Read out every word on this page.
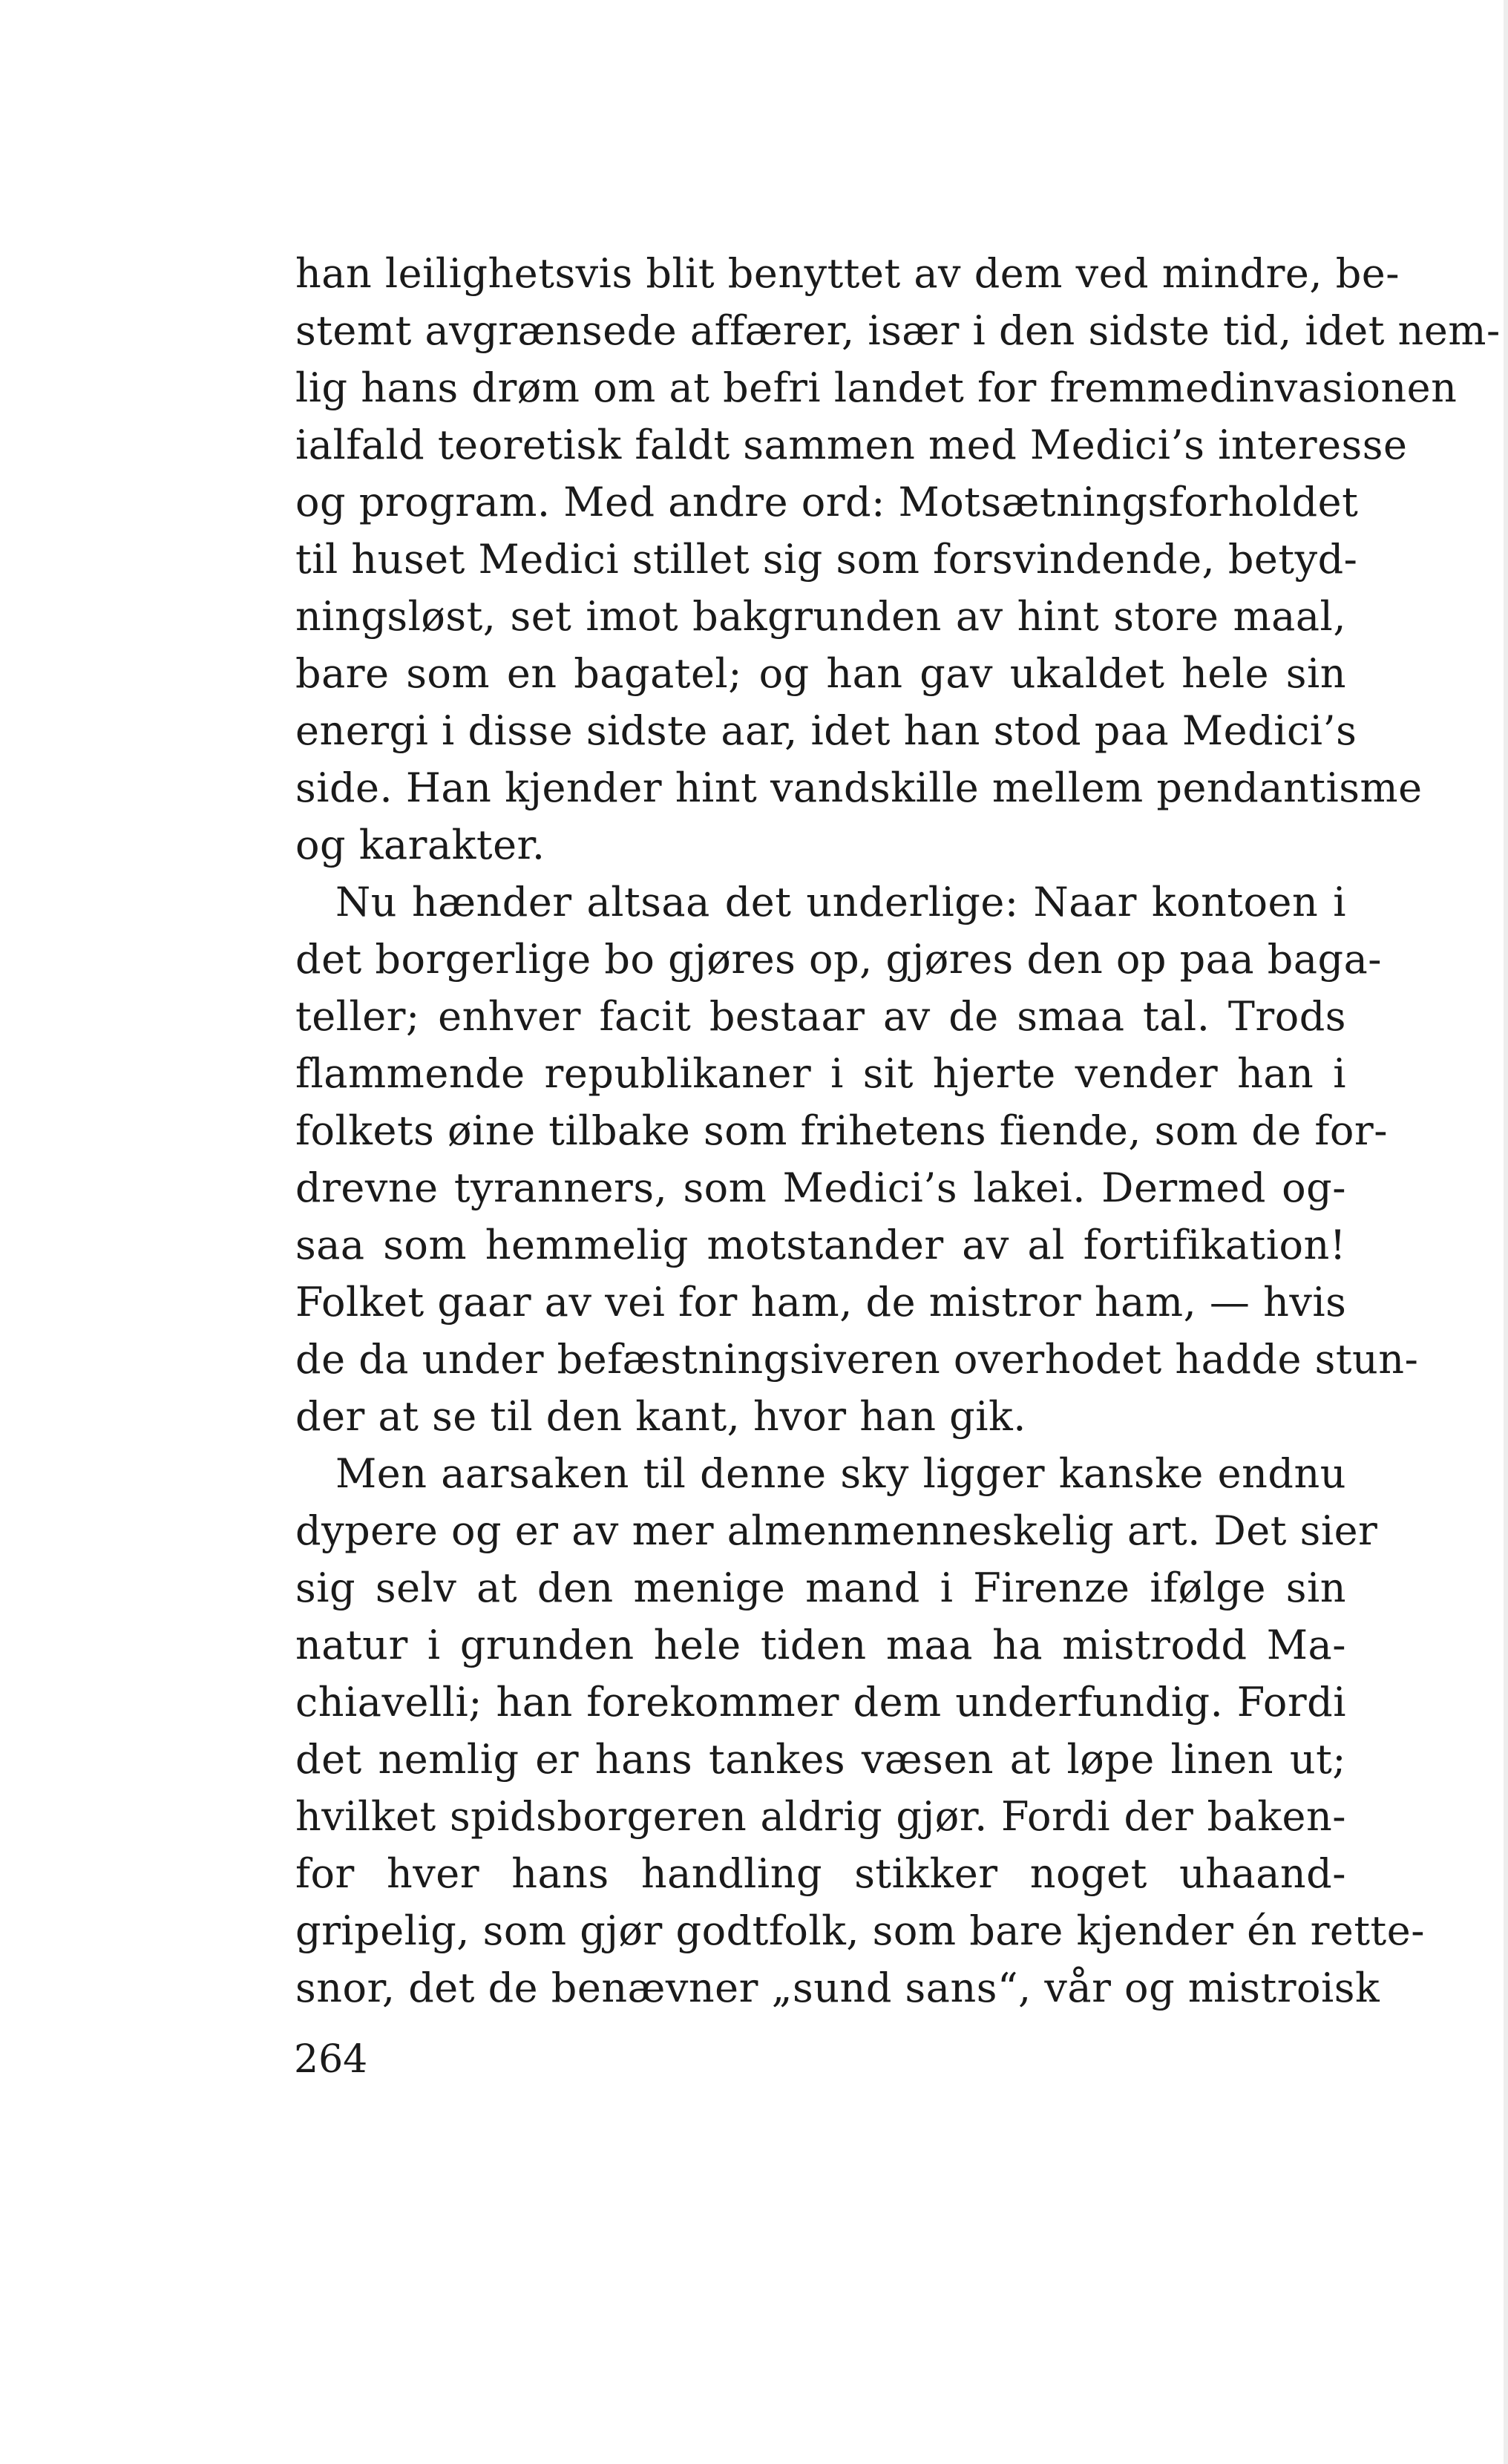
han leilighetsvis blit benyttet av dem ved mindre, be-
stemt avgrænsede affærer, især i den sidste tid, idet nem-
lig hans drøm om at befri landet for fremmedinvasionen
ialfald teoretisk faldt sammen med Medici’s interesse
og program. Med andre ord: Motsætningsforholdet
til huset Medici stillet sig som forsvindende, betyd-
ningsløst, set imot bakgrunden av hint store maal,
bare som en bagatel; og han gav ukaldet hele sin
energi i disse sidste aar, idet han stod paa Medici’s
side. Han kjender hint vandskille mellem pendantisme
og karakter.
Nu hænder altsaa det underlige: Naar kontoen i
det borgerlige bo gjøres op, gjøres den op paa baga-
teller; enhver facit bestaar av de smaa tal. Trods
flammende republikaner i sit hjerte vender han i
folkets øine tilbake som frihetens fiende, som de for-
drevne tyranners, som Medici’s lakei. Dermed og-
saa som hemmelig motstander av al fortifikation!
Folket gaar av vei for ham, de mistror ham, — hvis
de da under befæstningsiveren overhodet hadde stun-
der at se til den kant, hvor han gik.
Men aarsaken til denne sky ligger kanske endnu
dypere og er av mer almenmenneskelig art. Det sier
sig selv at den menige mand i Firenze ifølge sin
natur i grunden hele tiden maa ha mistrodd Ma-
chiavelli; han forekommer dem underfundig. Fordi
det nemlig er hans tankes væsen at løpe linen ut;
hvilket spidsborgeren aldrig gjør. Fordi der baken-
for hver hans handling stikker noget uhaand-
gripelig, som gjør godtfolk, som bare kjender én rette-
snor, det de benævner „sund sans“, vår og mistroisk
264
